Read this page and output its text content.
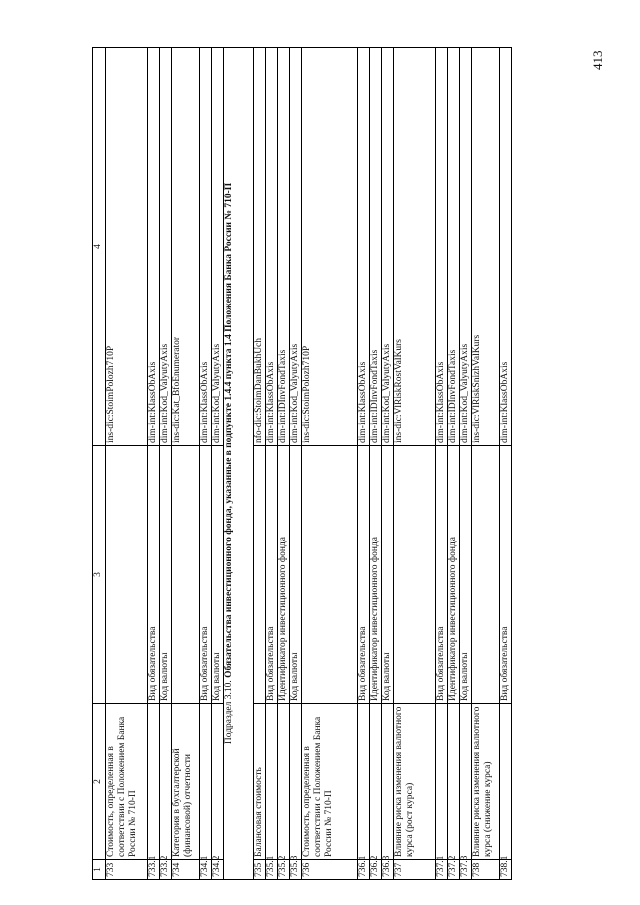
413
1	2	3	4
733	Стоимость, определенная в соответствии с Положением Банка России № 710-П		ins-dic:StoimPolozh710P
733.1		Вид обязательства	dim-int:KlassObAxis
733.2		Код валюты	dim-int:Kod_ValyutyAxis
734	Категория в бухгалтерской (финансовой) отчетности		ins-dic:Kat_BfoEnumerator
734.1		Вид обязательства	dim-int:KlassObAxis
734.2		Код валюты	dim-int:Kod_ValyutyAxis
Подраздел 3.10. Обязательства инвестиционного фонда, указанные в подпункте 1.4.4 пункта 1.4 Положения Банка России № 710-П			
735	Балансовая стоимость		nfo-dic:StoimDanBukhUch
735.1		Вид обязательства	dim-int:KlassObAxis
735.2		Идентификатор инвестиционного фонда	dim-int:IDInvFondTaxis
735.3		Код валюты	dim-int:Kod_ValyutyAxis
736	Стоимость, определенная в соответствии с Положением Банка России № 710-П		ins-dic:StoimPolozh710P
736.1		Вид обязательства	dim-int:KlassObAxis
736.2		Идентификатор инвестиционного фонда	dim-int:IDInvFondTaxis
736.3		Код валюты	dim-int:Kod_ValyutyAxis
737	Влияние риска изменения валютного курса (рост курса)		ins-dic:VlRiskRostValKurs
737.1		Вид обязательства	dim-int:KlassObAxis
737.2		Идентификатор инвестиционного фонда	dim-int:IDInvFondTaxis
737.3		Код валюты	dim-int:Kod_ValyutyAxis
738	Влияние риска изменения валютного курса (снижение курса)		ins-dic:VlRiskSnizhValKurs
738.1		Вид обязательства	dim-int:KlassObAxis
